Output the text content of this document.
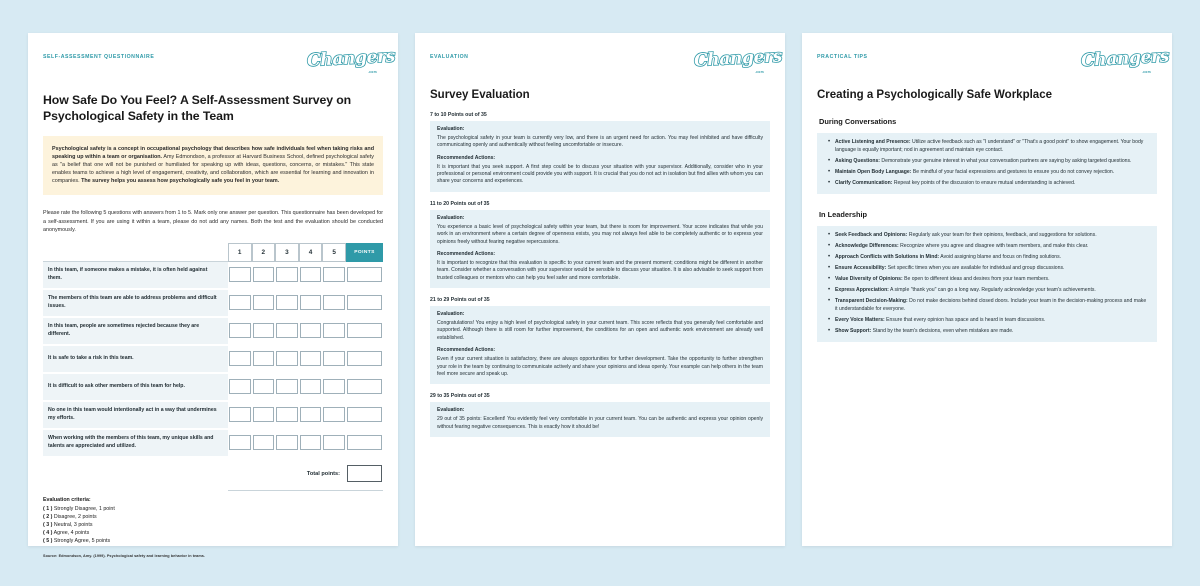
SELF-ASSESSMENT QUESTIONNAIRE	Changers
.com
How Safe Do You Feel? A Self-Assessment Survey on Psychological Safety in the Team
Psychological safety is a concept in occupational psychology that describes how safe individuals feel when taking risks and speaking up within a team or organisation. Amy Edmondson, a professor at Harvard Business School, defined psychological safety as "a belief that one will not be punished or humiliated for speaking up with ideas, questions, concerns, or mistakes." This state enables teams to achieve a high level of engagement, creativity, and collaboration, which are essential for learning and innovation in companies. The survey helps you assess how psychologically safe you feel in your team.
Please rate the following 5 questions with answers from 1 to 5. Mark only one answer per question. This questionnaire has been developed for a self-assessment. If you are using it within a team, please do not add any names. Both the test and the evaluation should be conducted anonymously.
	1	2	3	4	5	POINTS
In this team, if someone makes a mistake, it is often held against them.	

The members of this team are able to address problems and difficult issues.	

In this team, people are sometimes rejected because they are different.	

It is safe to take a risk in this team.	

It is difficult to ask other members of this team for help.	

No one in this team would intentionally act in a way that undermines my efforts.	

When working with the members of this team, my unique skills and talents are appreciated and utilized.	

	Total points:					

Evaluation criteria:
( 1 ) Strongly Disagree, 1 point
( 2 ) Disagree, 2 points
( 3 ) Neutral, 3 points
( 4 ) Agree, 4 points
( 5 ) Strongly Agree, 5 points
Source: Edmondson, Amy. (1999). Psychological safety and learning behavior in teams.
EVALUATION	Changers
.com
Survey Evaluation
7 to 10 Points out of 35
Evaluation:
The psychological safety in your team is currently very low, and there is an urgent need for action. You may feel inhibited and have difficulty communicating openly and authentically without feeling uncomfortable or insecure.
Recommended Actions:
It is important that you seek support. A first step could be to discuss your situation with your supervisor. Additionally, consider who in your professional or personal environment could provide you with support. It is crucial that you do not act in isolation but find allies with whom you can share your concerns and experiences.
11 to 20 Points out of 35
Evaluation:
You experience a basic level of psychological safety within your team, but there is room for improvement. Your score indicates that while you work in an environment where a certain degree of openness exists, you may not always feel able to be completely authentic or to express your opinions freely without fearing negative repercussions.
Recommended Actions:
It is important to recognize that this evaluation is specific to your current team and the present moment; conditions might be different in another team. Consider whether a conversation with your supervisor would be sensible to discuss your situation. It is also advisable to seek support from trusted colleagues or mentors who can help you feel safer and more comfortable.
21 to 29 Points out of 35
Evaluation:
Congratulations! You enjoy a high level of psychological safety in your current team. This score reflects that you generally feel comfortable and supported. Although there is still room for further improvement, the conditions for an open and authentic work environment are already well established.
Recommended Actions:
Even if your current situation is satisfactory, there are always opportunities for further development. Take the opportunity to further strengthen your role in the team by continuing to communicate actively and share your opinions and ideas openly. Your example can help others in the team feel more secure and speak up.
29 to 35 Points out of 35
Evaluation:
29 out of 35 points: Excellent! You evidently feel very comfortable in your current team. You can be authentic and express your opinion openly without fearing negative consequences. This is exactly how it should be!
PRACTICAL TIPS	Changers
.com
Creating a Psychologically Safe Workplace
During Conversations
• Active Listening and Presence: Utilize active feedback such as "I understand" or "That's a good point" to show engagement. Your body language is equally important; nod in agreement and maintain eye contact.
• Asking Questions: Demonstrate your genuine interest in what your conversation partners are saying by asking targeted questions.
• Maintain Open Body Language: Be mindful of your facial expressions and gestures to ensure you do not convey rejection.
• Clarify Communication: Repeat key points of the discussion to ensure mutual understanding is achieved.
In Leadership
• Seek Feedback and Opinions: Regularly ask your team for their opinions, feedback, and suggestions for solutions.
• Acknowledge Differences: Recognize where you agree and disagree with team members, and make this clear.
• Approach Conflicts with Solutions in Mind: Avoid assigning blame and focus on finding solutions.
• Ensure Accessibility: Set specific times when you are available for individual and group discussions.
• Value Diversity of Opinions: Be open to different ideas and desires from your team members.
• Express Appreciation: A simple "thank you" can go a long way. Regularly acknowledge your team's achievements.
• Transparent Decision-Making: Do not make decisions behind closed doors. Include your team in the decision-making process and make it understandable for everyone.
• Every Voice Matters: Ensure that every opinion has space and is heard in team discussions.
• Show Support: Stand by the team's decisions, even when mistakes are made.
